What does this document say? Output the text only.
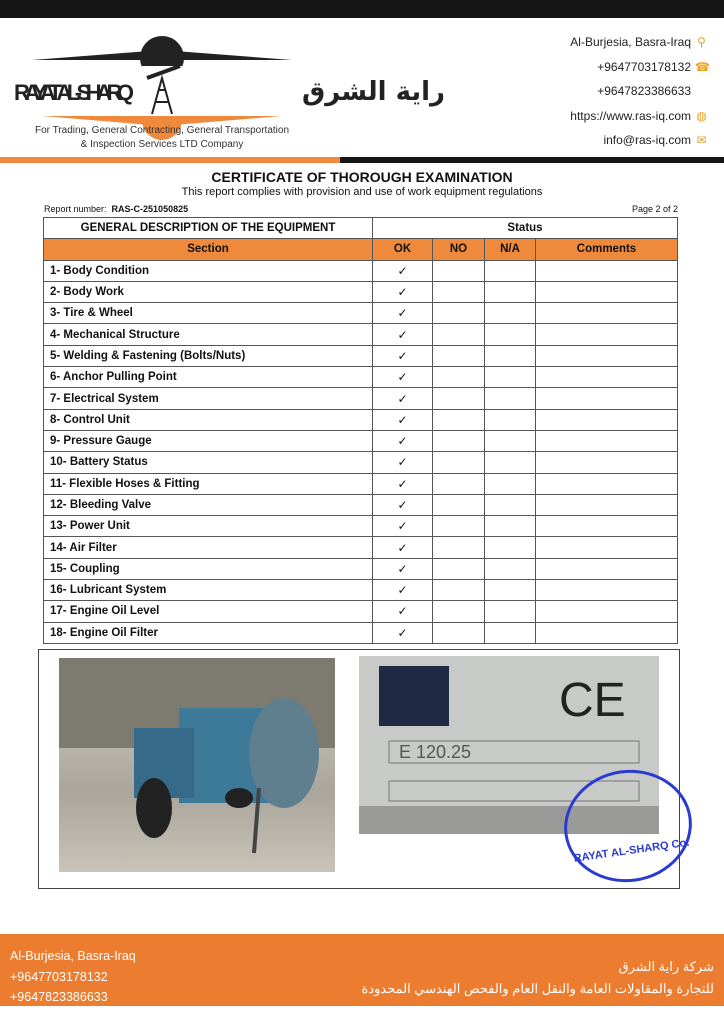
RAYAT AL-SHARQ	راية الشرق
For Trading, General Contracting, General Transportation
& Inspection Services LTD Company
Al-Burjesia, Basra-Iraq ⚲
+9647703178132 ☎
+9647823386633
https://www.ras-iq.com ◍
info@ras-iq.com ✉
CERTIFICATE OF THOROUGH EXAMINATION
This report complies with provision and use of work equipment regulations
Report number: RAS-C-251050825	Page 2 of 2
GENERAL DESCRIPTION OF THE EQUIPMENT	Status			
Section	OK	NO	N/A	Comments
1- Body Condition	✓			
2- Body Work	✓			
3- Tire & Wheel	✓			
4- Mechanical Structure	✓			
5- Welding & Fastening (Bolts/Nuts)	✓			
6- Anchor Pulling Point	✓			
7- Electrical System	✓			
8- Control Unit	✓			
9- Pressure Gauge	✓			
10- Battery Status	✓			
11- Flexible Hoses & Fitting	✓			
12- Bleeding Valve	✓			
13- Power Unit	✓			
14- Air Filter	✓			
15- Coupling	✓			
16- Lubricant System	✓			
17- Engine Oil Level	✓			
18- Engine Oil Filter	✓			
CE
E 120.25
RAYAT AL-SHARQ Co.
Al-Burjesia, Basra-Iraq
+9647703178132
+9647823386633
شركة راية الشرق
للتجارة والمقاولات العامة والنقل العام والفحص الهندسي المحدودة
